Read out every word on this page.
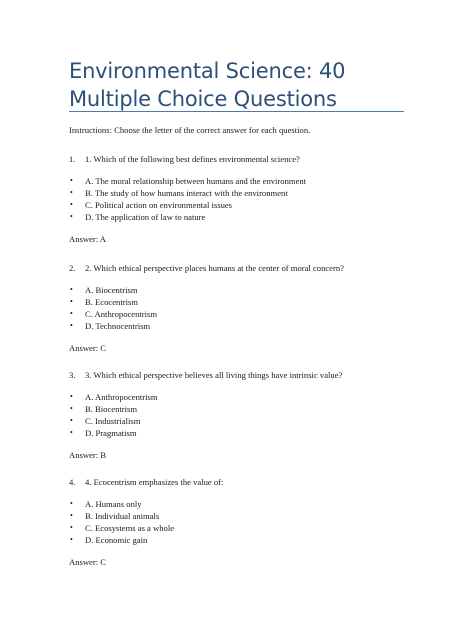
Environmental Science: 40 Multiple Choice Questions
Instructions: Choose the letter of the correct answer for each question.
1. 1. Which of the following best defines environmental science?
• A. The moral relationship between humans and the environment
• B. The study of how humans interact with the environment
• C. Political action on environmental issues
• D. The application of law to nature
Answer: A
2. 2. Which ethical perspective places humans at the center of moral concern?
• A. Biocentrism
• B. Ecocentrism
• C. Anthropocentrism
• D. Technocentrism
Answer: C
3. 3. Which ethical perspective believes all living things have intrinsic value?
• A. Anthropocentrism
• B. Biocentrism
• C. Industrialism
• D. Pragmatism
Answer: B
4. 4. Ecocentrism emphasizes the value of:
• A. Humans only
• B. Individual animals
• C. Ecosystems as a whole
• D. Economic gain
Answer: C
